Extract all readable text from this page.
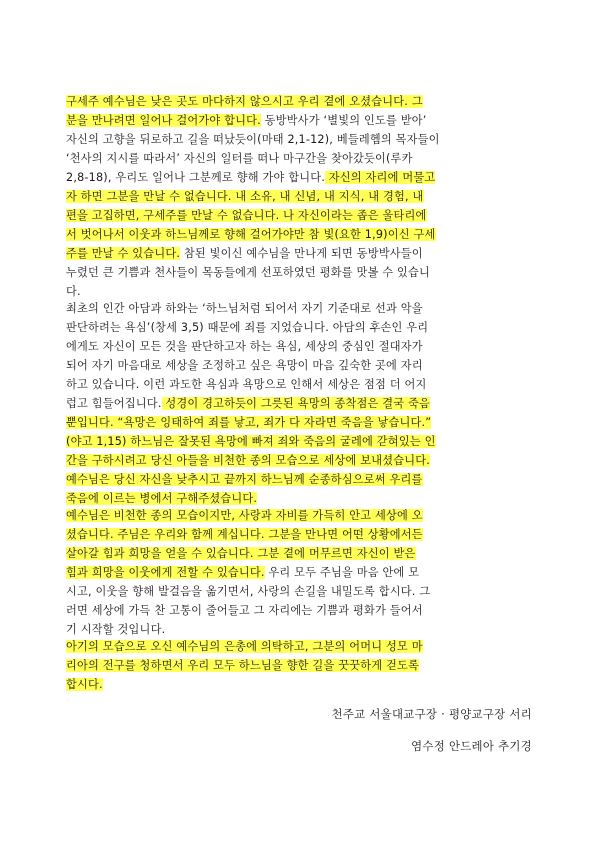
구세주 예수님은 낮은 곳도 마다하지 않으시고 우리 곁에 오셨습니다. 그
분을 만나려면 일어나 걸어가야 합니다. 동방박사가 ‘별빛의 인도를 받아’
자신의 고향을 뒤로하고 길을 떠났듯이(마태 2,1-12), 베들레헴의 목자들이
‘천사의 지시를 따라서’ 자신의 일터를 떠나 마구간을 찾아갔듯이(루카
2,8-18), 우리도 일어나 그분께로 향해 가야 합니다. 자신의 자리에 머물고
자 하면 그분을 만날 수 없습니다. 내 소유, 내 신념, 내 지식, 내 경험, 내
편을 고집하면, 구세주를 만날 수 없습니다. 나 자신이라는 좁은 울타리에
서 벗어나서 이웃과 하느님께로 향해 걸어가야만 참 빛(요한 1,9)이신 구세
주를 만날 수 있습니다. 참된 빛이신 예수님을 만나게 되면 동방박사들이
누렸던 큰 기쁨과 천사들이 목동들에게 선포하였던 평화를 맛볼 수 있습니
다.
최초의 인간 아담과 하와는 ‘하느님처럼 되어서 자기 기준대로 선과 악을
판단하려는 욕심’(창세 3,5) 때문에 죄를 지었습니다. 아담의 후손인 우리
에게도 자신이 모든 것을 판단하고자 하는 욕심, 세상의 중심인 절대자가
되어 자기 마음대로 세상을 조정하고 싶은 욕망이 마음 깊숙한 곳에 자리
하고 있습니다. 이런 과도한 욕심과 욕망으로 인해서 세상은 점점 더 어지
럽고 힘들어집니다. 성경이 경고하듯이 그릇된 욕망의 종착점은 결국 죽음
뿐입니다. “욕망은 잉태하여 죄를 낳고, 죄가 다 자라면 죽음을 낳습니다.”
(야고 1,15) 하느님은 잘못된 욕망에 빠져 죄와 죽음의 굴레에 갇혀있는 인
간을 구하시려고 당신 아들을 비천한 종의 모습으로 세상에 보내셨습니다.
예수님은 당신 자신을 낮추시고 끝까지 하느님께 순종하심으로써 우리를
죽음에 이르는 병에서 구해주셨습니다.
예수님은 비천한 종의 모습이지만, 사랑과 자비를 가득히 안고 세상에 오
셨습니다. 주님은 우리와 함께 계십니다. 그분을 만나면 어떤 상황에서든
살아갈 힘과 희망을 얻을 수 있습니다. 그분 곁에 머무르면 자신이 받은
힘과 희망을 이웃에게 전할 수 있습니다. 우리 모두 주님을 마음 안에 모
시고, 이웃을 향해 발걸음을 옮기면서, 사랑의 손길을 내밀도록 합시다. 그
러면 세상에 가득 찬 고통이 줄어들고 그 자리에는 기쁨과 평화가 들어서
기 시작할 것입니다.
아기의 모습으로 오신 예수님의 은총에 의탁하고, 그분의 어머니 성모 마
리아의 전구를 청하면서 우리 모두 하느님을 향한 길을 꿋꿋하게 걷도록
합시다.
천주교 서울대교구장 · 평양교구장 서리
염수정 안드레아 추기경
